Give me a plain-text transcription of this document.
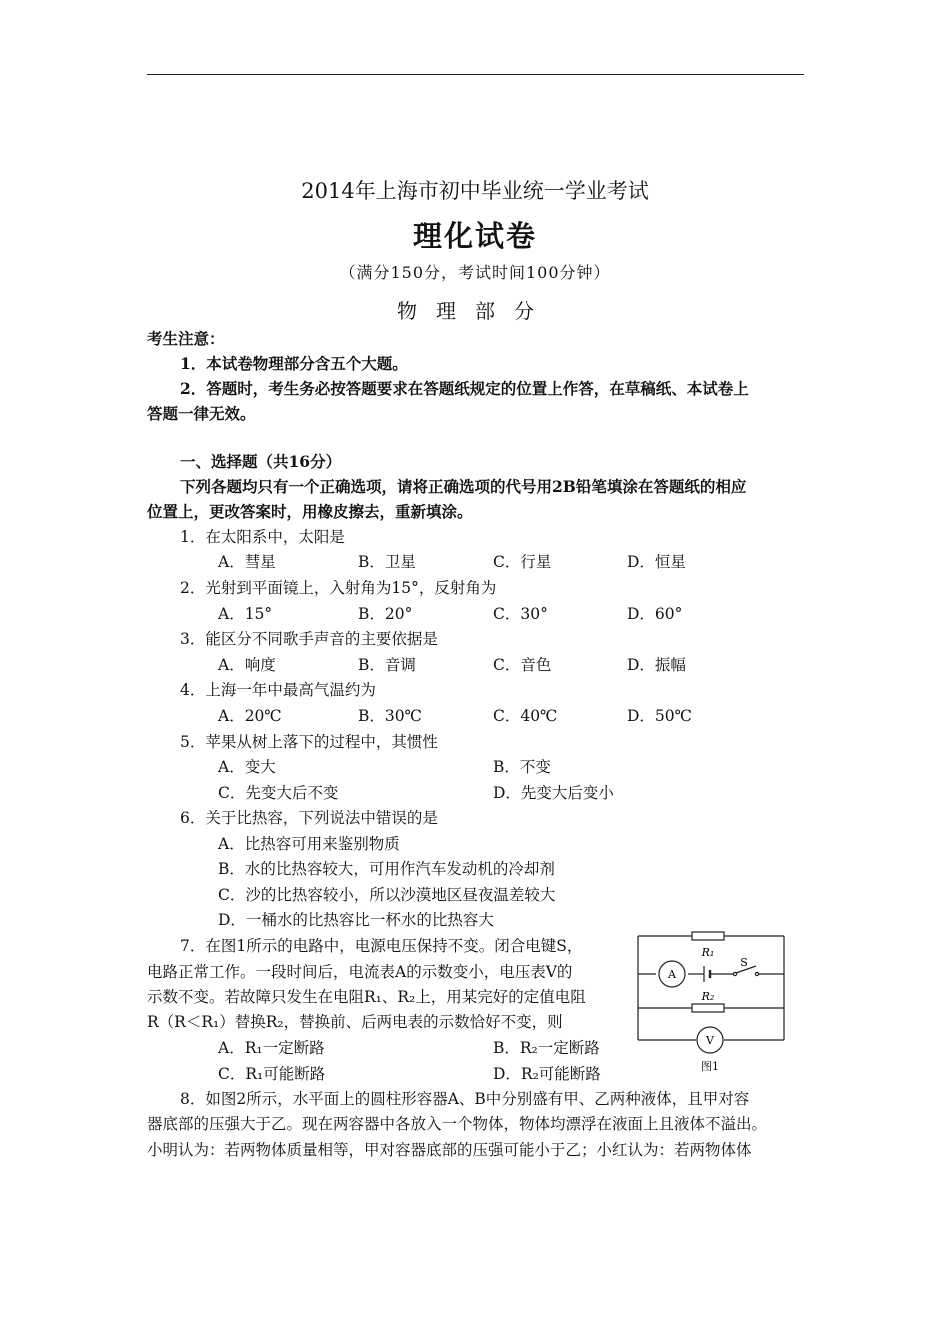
2014年上海市初中毕业统一学业考试
理化试卷
（满分150分，考试时间100分钟）
物理部分
考生注意：
1．本试卷物理部分含五个大题。
2．答题时，考生务必按答题要求在答题纸规定的位置上作答，在草稿纸、本试卷上
答题一律无效。
一、选择题（共16分）
下列各题均只有一个正确选项，请将正确选项的代号用2B铅笔填涂在答题纸的相应
位置上，更改答案时，用橡皮擦去，重新填涂。
1．在太阳系中，太阳是
A．彗星	B．卫星	C．行星	D．恒星
2．光射到平面镜上，入射角为15°，反射角为
A．15°	B．20°	C．30°	D．60°
3．能区分不同歌手声音的主要依据是
A．响度	B．音调	C．音色	D．振幅
4．上海一年中最高气温约为
A．20℃	B．30℃	C．40℃	D．50℃
5．苹果从树上落下的过程中，其惯性
A．变大	B．不变
C．先变大后不变	D．先变大后变小
6．关于比热容，下列说法中错误的是
A．比热容可用来鉴别物质
B．水的比热容较大，可用作汽车发动机的冷却剂
C．沙的比热容较小，所以沙漠地区昼夜温差较大
D．一桶水的比热容比一杯水的比热容大
7．在图1所示的电路中，电源电压保持不变。闭合电键S，
电路正常工作。一段时间后，电流表A的示数变小，电压表V的
示数不变。若故障只发生在电阻R₁、R₂上，用某完好的定值电阻
R（R＜R₁）替换R₂，替换前、后两电表的示数恰好不变，则
A．R₁一定断路	B．R₂一定断路
C．R₁可能断路	D．R₂可能断路
R₁
R₂
S
A
V
图1
8．如图2所示，水平面上的圆柱形容器A、B中分别盛有甲、乙两种液体，且甲对容
器底部的压强大于乙。现在两容器中各放入一个物体，物体均漂浮在液面上且液体不溢出。
小明认为：若两物体质量相等，甲对容器底部的压强可能小于乙；小红认为：若两物体体
